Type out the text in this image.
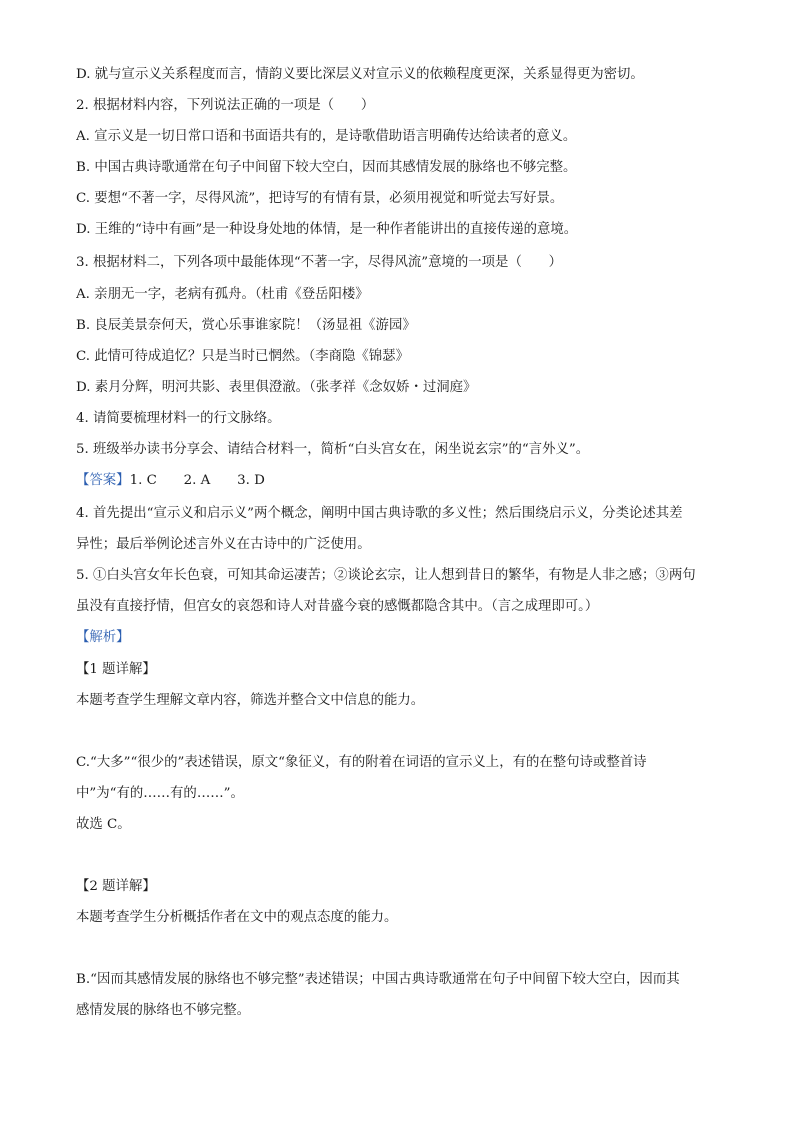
D. 就与宣示义关系程度而言，情韵义要比深层义对宣示义的依赖程度更深，关系显得更为密切。
2. 根据材料内容，下列说法正确的一项是（　　）
A. 宣示义是一切日常口语和书面语共有的，是诗歌借助语言明确传达给读者的意义。
B. 中国古典诗歌通常在句子中间留下较大空白，因而其感情发展的脉络也不够完整。
C. 要想“不著一字，尽得风流”，把诗写的有情有景，必须用视觉和听觉去写好景。
D. 王维的“诗中有画”是一种设身处地的体情，是一种作者能讲出的直接传递的意境。
3. 根据材料二，下列各项中最能体现“不著一字，尽得风流”意境的一项是（　　）
A. 亲朋无一字，老病有孤舟。（杜甫《登岳阳楼》
B. 良辰美景奈何天，赏心乐事谁家院！（汤显祖《游园》
C. 此情可待成追忆？只是当时已惘然。（李商隐《锦瑟》
D. 素月分辉，明河共影、表里俱澄澈。（张孝祥《念奴娇・过洞庭》
4. 请简要梳理材料一的行文脉络。
5. 班级举办读书分享会、请结合材料一，简析“白头宫女在，闲坐说玄宗”的“言外义”。
【答案】1. C　　2. A　　3. D
4. 首先提出“宣示义和启示义”两个概念，阐明中国古典诗歌的多义性；然后围绕启示义，分类论述其差
异性；最后举例论述言外义在古诗中的广泛使用。
5. ①白头宫女年长色衰，可知其命运凄苦；②谈论玄宗，让人想到昔日的繁华，有物是人非之感；③两句
虽没有直接抒情，但宫女的哀怨和诗人对昔盛今衰的感慨都隐含其中。（言之成理即可。）
【解析】
【1 题详解】
本题考查学生理解文章内容，筛选并整合文中信息的能力。
C.“大多”“很少的”表述错误，原文“象征义，有的附着在词语的宣示义上，有的在整句诗或整首诗
中”为“有的……有的……”。
故选 C。
【2 题详解】
本题考查学生分析概括作者在文中的观点态度的能力。
B.“因而其感情发展的脉络也不够完整”表述错误；中国古典诗歌通常在句子中间留下较大空白，因而其
感情发展的脉络也不够完整。
